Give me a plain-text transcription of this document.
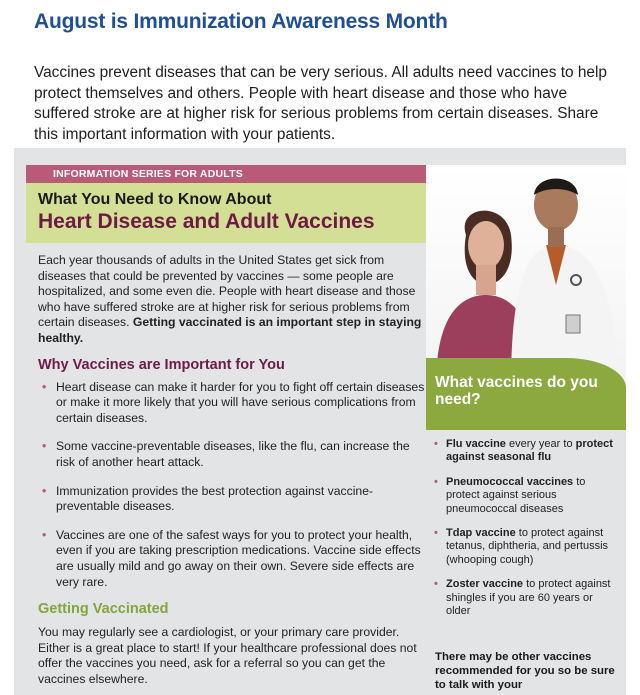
August is Immunization Awareness Month

Vaccines prevent diseases that can be very serious. All adults need vaccines to help protect themselves and others. People with heart disease and those who have suffered stroke are at higher risk for serious problems from certain diseases. Share this important information with your patients.

INFORMATION SERIES FOR ADULTS
What You Need to Know About
Heart Disease and Adult Vaccines

Each year thousands of adults in the United States get sick from diseases that could be prevented by vaccines — some people are hospitalized, and some even die. People with heart disease and those who have suffered stroke are at higher risk for serious problems from certain diseases. Getting vaccinated is an important step in staying healthy.

Why Vaccines are Important for You
• Heart disease can make it harder for you to fight off certain diseases or make it more likely that you will have serious complications from certain diseases.
• Some vaccine-preventable diseases, like the flu, can increase the risk of another heart attack.
• Immunization provides the best protection against vaccine-preventable diseases.
• Vaccines are one of the safest ways for you to protect your health, even if you are taking prescription medications. Vaccine side effects are usually mild and go away on their own. Severe side effects are very rare.
Getting Vaccinated

You may regularly see a cardiologist, or your primary care provider. Either is a great place to start! If your healthcare professional does not offer the vaccines you need, ask for a referral so you can get the vaccines elsewhere.

What vaccines do you need?
• Flu vaccine every year to protect against seasonal flu
• Pneumococcal vaccines to protect against serious pneumococcal diseases
• Tdap vaccine to protect against tetanus, diphtheria, and pertussis (whooping cough)
• Zoster vaccine to protect against shingles if you are 60 years or older
There may be other vaccines recommended for you so be sure to talk with your
